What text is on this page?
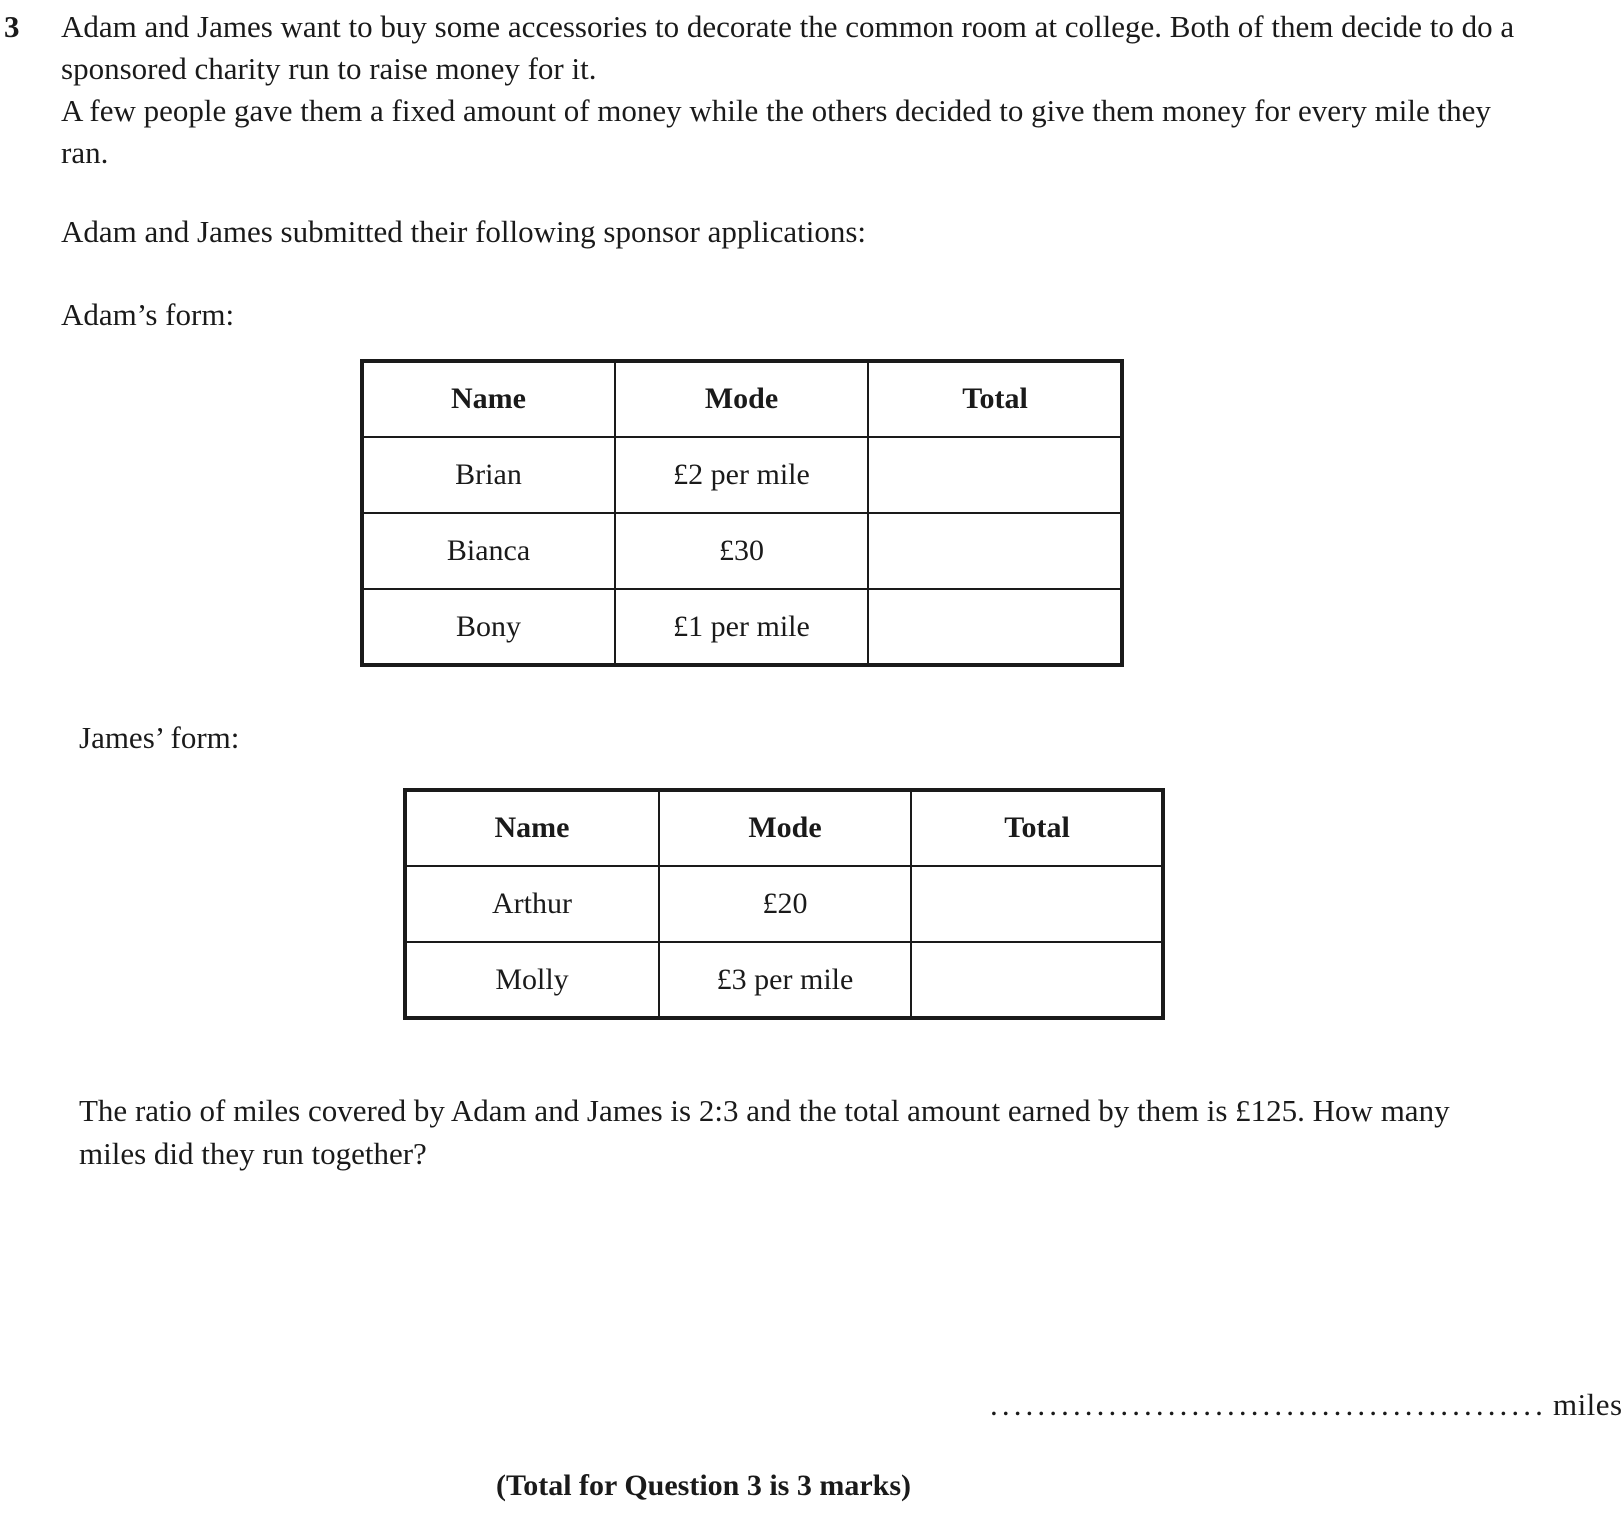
3 Adam and James want to buy some accessories to decorate the common room at college. Both of them decide to do a sponsored charity run to raise money for it.

A few people gave them a fixed amount of money while the others decided to give them money for every mile they ran.

Adam and James submitted their following sponsor applications:
Adam’s form:
Name	Mode	Total
Brian	£2 per mile	
Bianca	£30	
Bony	£1 per mile	
James’ form:
Name	Mode	Total
Arthur	£20	
Molly	£3 per mile	

The ratio of miles covered by Adam and James is 2:3 and the total amount earned by them is £125. How many miles did they run together?

............................................... miles
(Total for Question 3 is 3 marks)
